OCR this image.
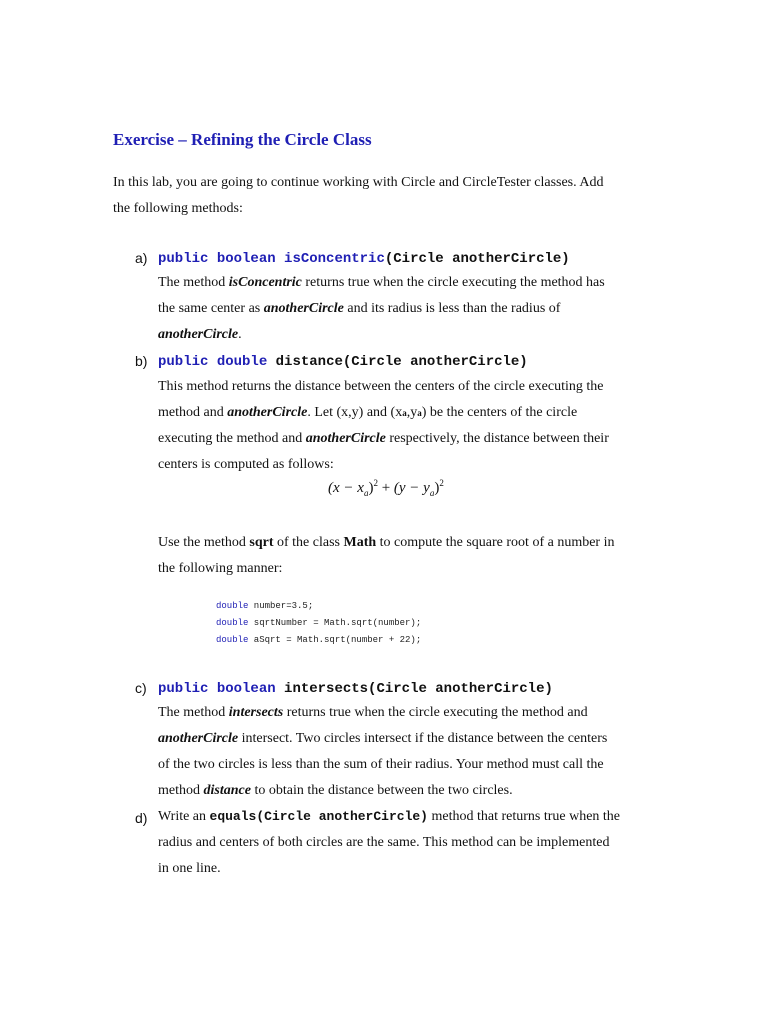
Exercise – Refining the Circle Class
In this lab, you are going to continue working with Circle and CircleTester classes. Add
the following methods:
a) public boolean isConcentric(Circle anotherCircle)
The method isConcentric returns true when the circle executing the method has
the same center as anotherCircle and its radius is less than the radius of
anotherCircle.
b) public double distance(Circle anotherCircle)
This method returns the distance between the centers of the circle executing the
method and anotherCircle. Let (x,y) and (xa,ya) be the centers of the circle
executing the method and anotherCircle respectively, the distance between their
centers is computed as follows:
$(x - x_a)^2 + (y - y_a)^2$
Use the method sqrt of the class Math to compute the square root of a number in
the following manner:
double number=3.5;
double sqrtNumber = Math.sqrt(number);
double aSqrt = Math.sqrt(number + 22);
c) public boolean intersects(Circle anotherCircle)
The method intersects returns true when the circle executing the method and
anotherCircle intersect. Two circles intersect if the distance between the centers
of the two circles is less than the sum of their radius. Your method must call the
method distance to obtain the distance between the two circles.
d) Write an equals(Circle anotherCircle) method that returns true when the
radius and centers of both circles are the same. This method can be implemented
in one line.
